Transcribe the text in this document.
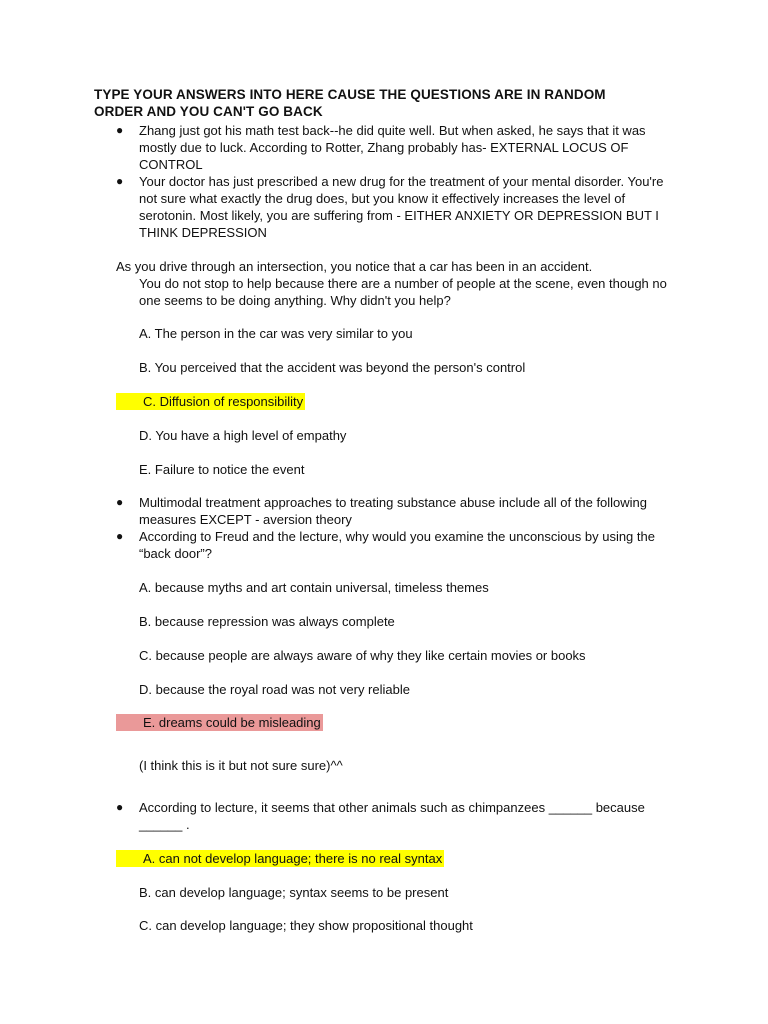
TYPE YOUR ANSWERS INTO HERE CAUSE THE QUESTIONS ARE IN RANDOM ORDER AND YOU CAN'T GO BACK
●	Zhang just got his math test back--he did quite well. But when asked, he says that it was mostly due to luck. According to Rotter, Zhang probably has- EXTERNAL LOCUS OF CONTROL
●	Your doctor has just prescribed a new drug for the treatment of your mental disorder. You're not sure what exactly the drug does, but you know it effectively increases the level of serotonin. Most likely, you are suffering from - EITHER ANXIETY OR DEPRESSION BUT I THINK DEPRESSION
As you drive through an intersection, you notice that a car has been in an accident.
You do not stop to help because there are a number of people at the scene, even though no one seems to be doing anything. Why didn't you help?
A. The person in the car was very similar to you
B. You perceived that the accident was beyond the person's control
C. Diffusion of responsibility
D. You have a high level of empathy
E. Failure to notice the event
●	Multimodal treatment approaches to treating substance abuse include all of the following measures EXCEPT - aversion theory
●	According to Freud and the lecture, why would you examine the unconscious by using the “back door”?
A. because myths and art contain universal, timeless themes
B. because repression was always complete
C. because people are always aware of why they like certain movies or books
D. because the royal road was not very reliable
E. dreams could be misleading
(I think this is it but not sure sure)^^
●	According to lecture, it seems that other animals such as chimpanzees ______ because ______ .
A. can not develop language; there is no real syntax
B. can develop language; syntax seems to be present
C. can develop language; they show propositional thought
